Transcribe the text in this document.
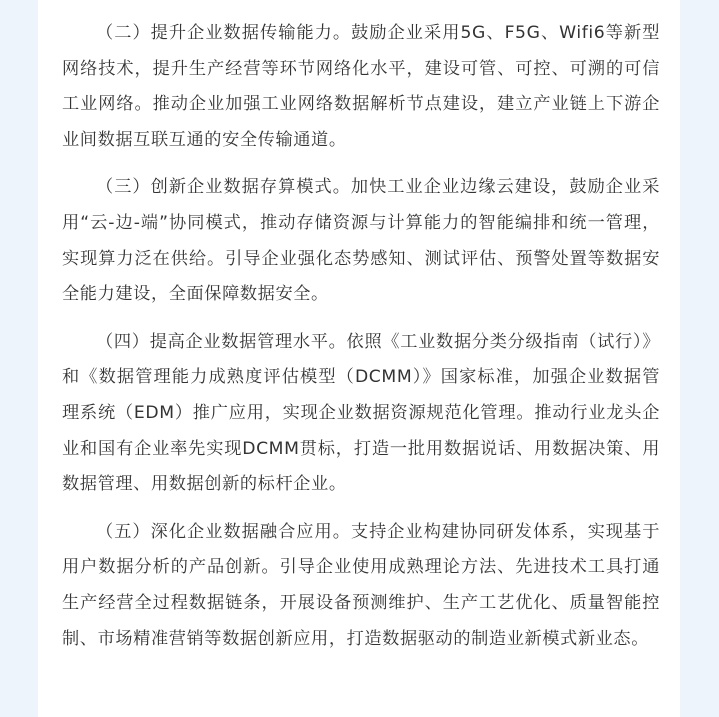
（二）提升企业数据传输能力。鼓励企业采用5G、F5G、Wifi6等新型网络技术，提升生产经营等环节网络化水平，建设可管、可控、可溯的可信工业网络。推动企业加强工业网络数据解析节点建设，建立产业链上下游企业间数据互联互通的安全传输通道。

（三）创新企业数据存算模式。加快工业企业边缘云建设，鼓励企业采用“云-边-端”协同模式，推动存储资源与计算能力的智能编排和统一管理，实现算力泛在供给。引导企业强化态势感知、测试评估、预警处置等数据安全能力建设，全面保障数据安全。

（四）提高企业数据管理水平。依照《工业数据分类分级指南（试行）》和《数据管理能力成熟度评估模型（DCMM）》国家标准，加强企业数据管理系统（EDM）推广应用，实现企业数据资源规范化管理。推动行业龙头企业和国有企业率先实现DCMM贯标，打造一批用数据说话、用数据决策、用数据管理、用数据创新的标杆企业。

（五）深化企业数据融合应用。支持企业构建协同研发体系，实现基于用户数据分析的产品创新。引导企业使用成熟理论方法、先进技术工具打通生产经营全过程数据链条，开展设备预测维护、生产工艺优化、质量智能控制、市场精准营销等数据创新应用，打造数据驱动的制造业新模式新业态。
